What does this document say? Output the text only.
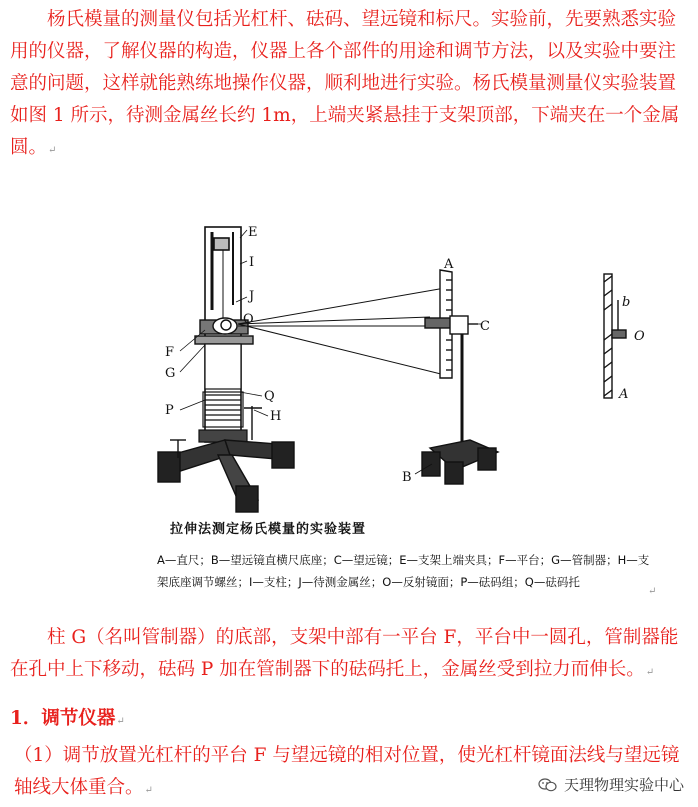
杨氏模量的测量仪包括光杠杆、砝码、望远镜和标尺。实验前，先要熟悉实验用的仪器，了解仪器的构造，仪器上各个部件的用途和调节方法，以及实验中要注意的问题，这样就能熟练地操作仪器，顺利地进行实验。杨氏模量测量仪实验装置如图 1 所示，待测金属丝长约 1m，上端夹紧悬挂于支架顶部，下端夹在一个金属圆。↵
E
I
J
O
F
G
P
Q
H
A
C
B
b
O
A
拉伸法测定杨氏模量的实验装置
A—直尺；B—望远镜直横尺底座；C—望远镜；E—支架上端夹具；F—平台；G—管制器；H—支架底座调节螺丝；I—支柱；J—待测金属丝；O—反射镜面；P—砝码组；Q—砝码托
↵
柱 G（名叫管制器）的底部，支架中部有一平台 F，平台中一圆孔，管制器能在孔中上下移动，砝码 P 加在管制器下的砝码托上，金属丝受到拉力而伸长。↵
1．调节仪器↵
（1）调节放置光杠杆的平台 F 与望远镜的相对位置，使光杠杆镜面法线与望远镜轴线大体重合。↵	天理物理实验中心
